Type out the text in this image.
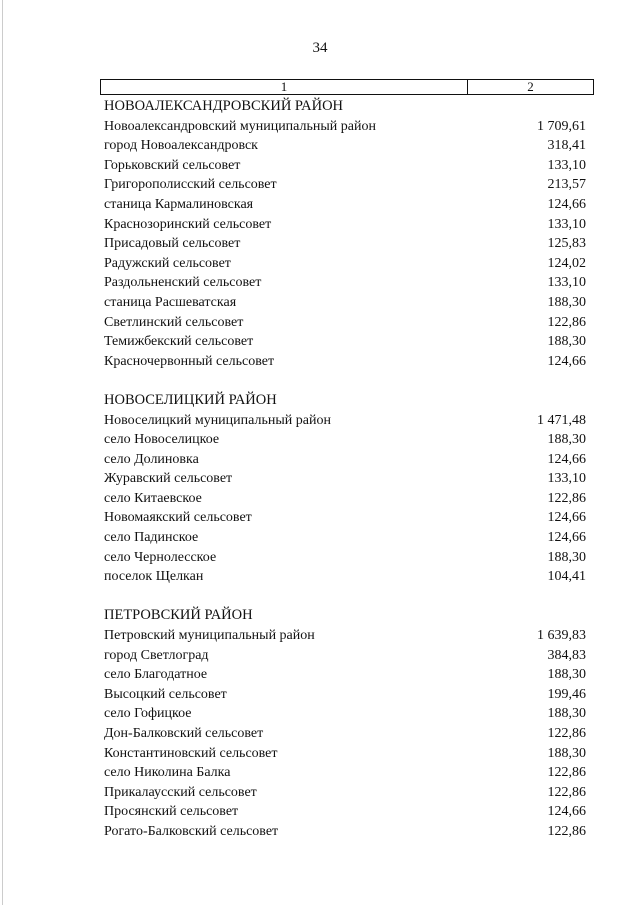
34
1	2
НОВОАЛЕКСАНДРОВСКИЙ РАЙОН
Новоалександровский муниципальный район	1 709,61
город Новоалександровск	318,41
Горьковский сельсовет	133,10
Григорополисский сельсовет	213,57
станица Кармалиновская	124,66
Краснозоринский сельсовет	133,10
Присадовый сельсовет	125,83
Радужский сельсовет	124,02
Раздольненский сельсовет	133,10
станица Расшеватская	188,30
Светлинский сельсовет	122,86
Темижбекский сельсовет	188,30
Красночервонный сельсовет	124,66
НОВОСЕЛИЦКИЙ РАЙОН
Новоселицкий муниципальный район	1 471,48
село Новоселицкое	188,30
село Долиновка	124,66
Журавский сельсовет	133,10
село Китаевское	122,86
Новомаякский сельсовет	124,66
село Падинское	124,66
село Чернолесское	188,30
поселок Щелкан	104,41
ПЕТРОВСКИЙ РАЙОН
Петровский муниципальный район	1 639,83
город Светлоград	384,83
село Благодатное	188,30
Высоцкий сельсовет	199,46
село Гофицкое	188,30
Дон-Балковский сельсовет	122,86
Константиновский сельсовет	188,30
село Николина Балка	122,86
Прикалаусский сельсовет	122,86
Просянский сельсовет	124,66
Рогато-Балковский сельсовет	122,86
